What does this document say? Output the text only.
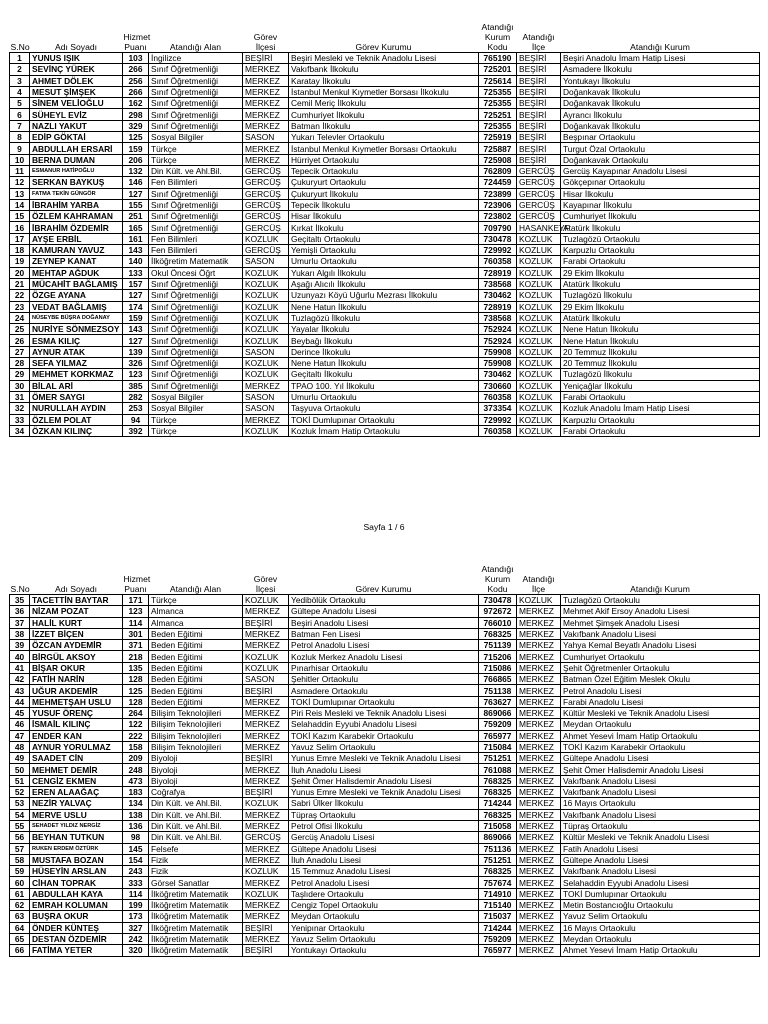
S.No	Adı Soyadı	Hizmet Puanı	Atandığı Alan	Görev İlçesi	Görev Kurumu	Atandığı Kurum Kodu	Atandığı İlçe	Atandığı Kurum
1	YUNUS IŞIK	103	İngilizce	BEŞİRİ	Beşiri Mesleki ve Teknik Anadolu Lisesi	765190	BEŞİRİ	Beşiri Anadolu İmam Hatip Lisesi
2	SEVİNÇ YÜREK	266	Sınıf Öğretmenliği	MERKEZ	Vakıfbank İlkokulu	725201	BEŞİRİ	Asmadere İlkokulu
3	AHMET DÖLEK	256	Sınıf Öğretmenliği	MERKEZ	Karatay İlkokulu	725614	BEŞİRİ	Yontukayı İlkokulu
4	MESUT ŞİMŞEK	266	Sınıf Öğretmenliği	MERKEZ	İstanbul Menkul Kıymetler Borsası İlkokulu	725355	BEŞİRİ	Doğankavak İlkokulu
5	SİNEM VELİOĞLU	162	Sınıf Öğretmenliği	MERKEZ	Cemil Meriç İlkokulu	725355	BEŞİRİ	Doğankavak İlkokulu
6	SÜHEYL EVİZ	298	Sınıf Öğretmenliği	MERKEZ	Cumhuriyet İlkokulu	725251	BEŞİRİ	Ayrancı İlkokulu
7	NAZLI YAKUT	329	Sınıf Öğretmenliği	MERKEZ	Batman İlkokulu	725355	BEŞİRİ	Doğankavak İlkokulu
8	EDİP GÖKTAİ	125	Sosyal Bilgiler	SASON	Yukarı Televler Ortaokulu	725919	BEŞİRİ	Beşpınar Ortaokulu
9	ABDULLAH ERSARİ	159	Türkçe	MERKEZ	İstanbul Menkul Kıymetler Borsası Ortaokulu	725887	BEŞİRİ	Turgut Özal Ortaokulu
10	BERNA DUMAN	206	Türkçe	MERKEZ	Hürriyet Ortaokulu	725908	BEŞİRİ	Doğankavak Ortaokulu
11	ESMANUR HATİPOĞLU	132	Din Kült. ve Ahl.Bil.	GERCÜŞ	Tepecik Ortaokulu	762809	GERCÜŞ	Gercüş Kayapınar Anadolu Lisesi
12	SERKAN BAYKUŞ	146	Fen Bilimleri	GERCÜŞ	Çukuryurt Ortaokulu	724459	GERCÜŞ	Gökçepınar Ortaokulu
13	FATMA TEKİN GÜNGÖR	127	Sınıf Öğretmenliği	GERCÜŞ	Çukuryurt İlkokulu	723899	GERCÜŞ	Hisar İlkokulu
14	İBRAHİM YARBA	155	Sınıf Öğretmenliği	GERCÜŞ	Tepecik İlkokulu	723906	GERCÜŞ	Kayapınar İlkokulu
15	ÖZLEM KAHRAMAN	251	Sınıf Öğretmenliği	GERCÜŞ	Hisar İlkokulu	723802	GERCÜŞ	Cumhuriyet İlkokulu
16	İBRAHİM ÖZDEMİR	165	Sınıf Öğretmenliği	GERCÜŞ	Kırkat İlkokulu	709790	HASANKEYF	Atatürk İlkokulu
17	AYŞE ERBİL	161	Fen Bilimleri	KOZLUK	Geçitaltı Ortaokulu	730478	KOZLUK	Tuzlagözü Ortaokulu
18	KAMURAN YAVUZ	143	Fen Bilimleri	GERCÜŞ	Yemişli Ortaokulu	729992	KOZLUK	Karpuzlu Ortaokulu
19	ZEYNEP KANAT	140	İlköğretim Matematik	SASON	Umurlu Ortaokulu	760358	KOZLUK	Farabi Ortaokulu
20	MEHTAP AĞDUK	133	Okul Öncesi Öğrt	KOZLUK	Yukarı Algılı İlkokulu	728919	KOZLUK	29 Ekim İlkokulu
21	MÜCAHİT BAĞLAMIŞ	157	Sınıf Öğretmenliği	KOZLUK	Aşağı Alıcılı İlkokulu	738568	KOZLUK	Atatürk İlkokulu
22	ÖZGE AYANA	127	Sınıf Öğretmenliği	KOZLUK	Uzunyazı Köyü Uğurlu Mezrası İlkokulu	730462	KOZLUK	Tuzlagözü İlkokulu
23	VEDAT BAĞLAMIŞ	174	Sınıf Öğretmenliği	KOZLUK	Nene Hatun İlkokulu	728919	KOZLUK	29 Ekim İlkokulu
24	NÜSEYBE BÜŞRA DOĞANAY	159	Sınıf Öğretmenliği	KOZLUK	Tuzlagözü İlkokulu	738568	KOZLUK	Atatürk İlkokulu
25	NURİYE SÖNMEZSOY	143	Sınıf Öğretmenliği	KOZLUK	Yayalar İlkokulu	752924	KOZLUK	Nene Hatun İlkokulu
26	ESMA KILIÇ	127	Sınıf Öğretmenliği	KOZLUK	Beybağı İlkokulu	752924	KOZLUK	Nene Hatun İlkokulu
27	AYNUR ATAK	139	Sınıf Öğretmenliği	SASON	Derince İlkokulu	759908	KOZLUK	20 Temmuz İlkokulu
28	SEFA YILMAZ	326	Sınıf Öğretmenliği	KOZLUK	Nene Hatun İlkokulu	759908	KOZLUK	20 Temmuz İlkokulu
29	MEHMET KORKMAZ	123	Sınıf Öğretmenliği	KOZLUK	Geçitaltı İlkokulu	730462	KOZLUK	Tuzlagözü İlkokulu
30	BİLAL ARİ	385	Sınıf Öğretmenliği	MERKEZ	TPAO 100. Yıl İlkokulu	730660	KOZLUK	Yeniçağlar İlkokulu
31	ÖMER SAYGI	282	Sosyal Bilgiler	SASON	Umurlu Ortaokulu	760358	KOZLUK	Farabi Ortaokulu
32	NURULLAH AYDIN	253	Sosyal Bilgiler	SASON	Taşyuva Ortaokulu	373354	KOZLUK	Kozluk Anadolu İmam Hatip Lisesi
33	ÖZLEM POLAT	94	Türkçe	MERKEZ	TOKİ Dumlupınar Ortaokulu	729992	KOZLUK	Karpuzlu Ortaokulu
34	ÖZKAN KILINÇ	392	Türkçe	KOZLUK	Kozluk İmam Hatip Ortaokulu	760358	KOZLUK	Farabi Ortaokulu
Sayfa 1 / 6
S.No	Adı Soyadı	Hizmet Puanı	Atandığı Alan	Görev İlçesi	Görev Kurumu	Atandığı Kurum Kodu	Atandığı İlçe	Atandığı Kurum
35	TACETTİN BAYTAR	171	Türkçe	KOZLUK	Yedibölük Ortaokulu	730478	KOZLUK	Tuzlagözü Ortaokulu
36	NİZAM POZAT	123	Almanca	MERKEZ	Gültepe Anadolu Lisesi	972672	MERKEZ	Mehmet Akif Ersoy Anadolu Lisesi
37	HALİL KURT	114	Almanca	BEŞİRİ	Beşiri Anadolu Lisesi	766010	MERKEZ	Mehmet Şimşek Anadolu Lisesi
38	İZZET BİÇEN	301	Beden Eğitimi	MERKEZ	Batman Fen Lisesi	768325	MERKEZ	Vakıfbank Anadolu Lisesi
39	ÖZCAN AYDEMİR	371	Beden Eğitimi	MERKEZ	Petrol Anadolu Lisesi	751139	MERKEZ	Yahya Kemal Beyatlı Anadolu Lisesi
40	BİRGÜL AKSOY	218	Beden Eğitimi	KOZLUK	Kozluk Merkez Anadolu Lisesi	715206	MERKEZ	Cumhuriyet Ortaokulu
41	BİŞAR OKUR	135	Beden Eğitimi	KOZLUK	Pınarhisar Ortaokulu	715086	MERKEZ	Şehit Öğretmenler Ortaokulu
42	FATİH NARİN	128	Beden Eğitimi	SASON	Şehitler Ortaokulu	766865	MERKEZ	Batman Özel Eğitim Meslek Okulu
43	UĞUR AKDEMİR	125	Beden Eğitimi	BEŞİRİ	Asmadere Ortaokulu	751138	MERKEZ	Petrol Anadolu Lisesi
44	MEHMETŞAH USLU	128	Beden Eğitimi	MERKEZ	TOKİ Dumlupınar Ortaokulu	763627	MERKEZ	Farabi Anadolu Lisesi
45	YUSUF ÖRENÇ	264	Bilişim Teknolojileri	MERKEZ	Piri Reis Mesleki ve Teknik Anadolu Lisesi	869066	MERKEZ	Kültür Mesleki ve Teknik Anadolu Lisesi
46	İSMAİL KILINÇ	122	Bilişim Teknolojileri	MERKEZ	Selahaddin Eyyubi Anadolu Lisesi	759209	MERKEZ	Meydan Ortaokulu
47	ENDER KAN	222	Bilişim Teknolojileri	MERKEZ	TOKİ Kazım Karabekir Ortaokulu	765977	MERKEZ	Ahmet Yesevi İmam Hatip Ortaokulu
48	AYNUR YORULMAZ	158	Bilişim Teknolojileri	MERKEZ	Yavuz Selim Ortaokulu	715084	MERKEZ	TOKİ Kazım Karabekir Ortaokulu
49	SAADET CİN	209	Biyoloji	BEŞİRİ	Yunus Emre Mesleki ve Teknik Anadolu Lisesi	751251	MERKEZ	Gültepe Anadolu Lisesi
50	MEHMET DEMİR	248	Biyoloji	MERKEZ	İluh Anadolu Lisesi	761088	MERKEZ	Şehit Ömer Halisdemir Anadolu Lisesi
51	CENGİZ EKMEN	473	Biyoloji	MERKEZ	Şehit Ömer Halisdemir Anadolu Lisesi	768325	MERKEZ	Vakıfbank Anadolu Lisesi
52	EREN ALAAĞAÇ	183	Coğrafya	BEŞİRİ	Yunus Emre Mesleki ve Teknik Anadolu Lisesi	768325	MERKEZ	Vakıfbank Anadolu Lisesi
53	NEZİR YALVAÇ	134	Din Kült. ve Ahl.Bil.	KOZLUK	Sabri Ülker İlkokulu	714244	MERKEZ	16 Mayıs Ortaokulu
54	MERVE USLU	138	Din Kült. ve Ahl.Bil.	MERKEZ	Tüpraş Ortaokulu	768325	MERKEZ	Vakıfbank Anadolu Lisesi
55	SEHADET YILDIZ NERGİZ	136	Din Kült. ve Ahl.Bil.	MERKEZ	Petrol Ofisi İlkokulu	715058	MERKEZ	Tüpraş Ortaokulu
56	BEYHAN TUTKUN	98	Din Kült. ve Ahl.Bil.	GERCÜŞ	Gercüş Anadolu Lisesi	869066	MERKEZ	Kültür Mesleki ve Teknik Anadolu Lisesi
57	RUKEN ERDEM ÖZTÜRK	145	Felsefe	MERKEZ	Gültepe Anadolu Lisesi	751136	MERKEZ	Fatih Anadolu Lisesi
58	MUSTAFA BOZAN	154	Fizik	MERKEZ	İluh Anadolu Lisesi	751251	MERKEZ	Gültepe Anadolu Lisesi
59	HÜSEYİN ARSLAN	243	Fizik	KOZLUK	15 Temmuz Anadolu Lisesi	768325	MERKEZ	Vakıfbank Anadolu Lisesi
60	CİHAN TOPRAK	333	Görsel Sanatlar	MERKEZ	Petrol Anadolu Lisesi	757674	MERKEZ	Selahaddin Eyyubi Anadolu Lisesi
61	ABDULLAH KAYA	114	İlköğretim Matematik	KOZLUK	Taşlıdere Ortaokulu	714910	MERKEZ	TOKİ Dumlupınar Ortaokulu
62	EMRAH KOLUMAN	199	İlköğretim Matematik	MERKEZ	Cengiz Topel Ortaokulu	715140	MERKEZ	Metin Bostancıoğlu Ortaokulu
63	BUŞRA OKUR	173	İlköğretim Matematik	MERKEZ	Meydan Ortaokulu	715037	MERKEZ	Yavuz Selim Ortaokulu
64	ÖNDER KÜNTEŞ	327	İlköğretim Matematik	BEŞİRİ	Yenipınar Ortaokulu	714244	MERKEZ	16 Mayıs Ortaokulu
65	DESTAN ÖZDEMİR	242	İlköğretim Matematik	MERKEZ	Yavuz Selim Ortaokulu	759209	MERKEZ	Meydan Ortaokulu
66	FATİMA YETER	320	İlköğretim Matematik	BEŞİRİ	Yontukayı Ortaokulu	765977	MERKEZ	Ahmet Yesevi İmam Hatip Ortaokulu
